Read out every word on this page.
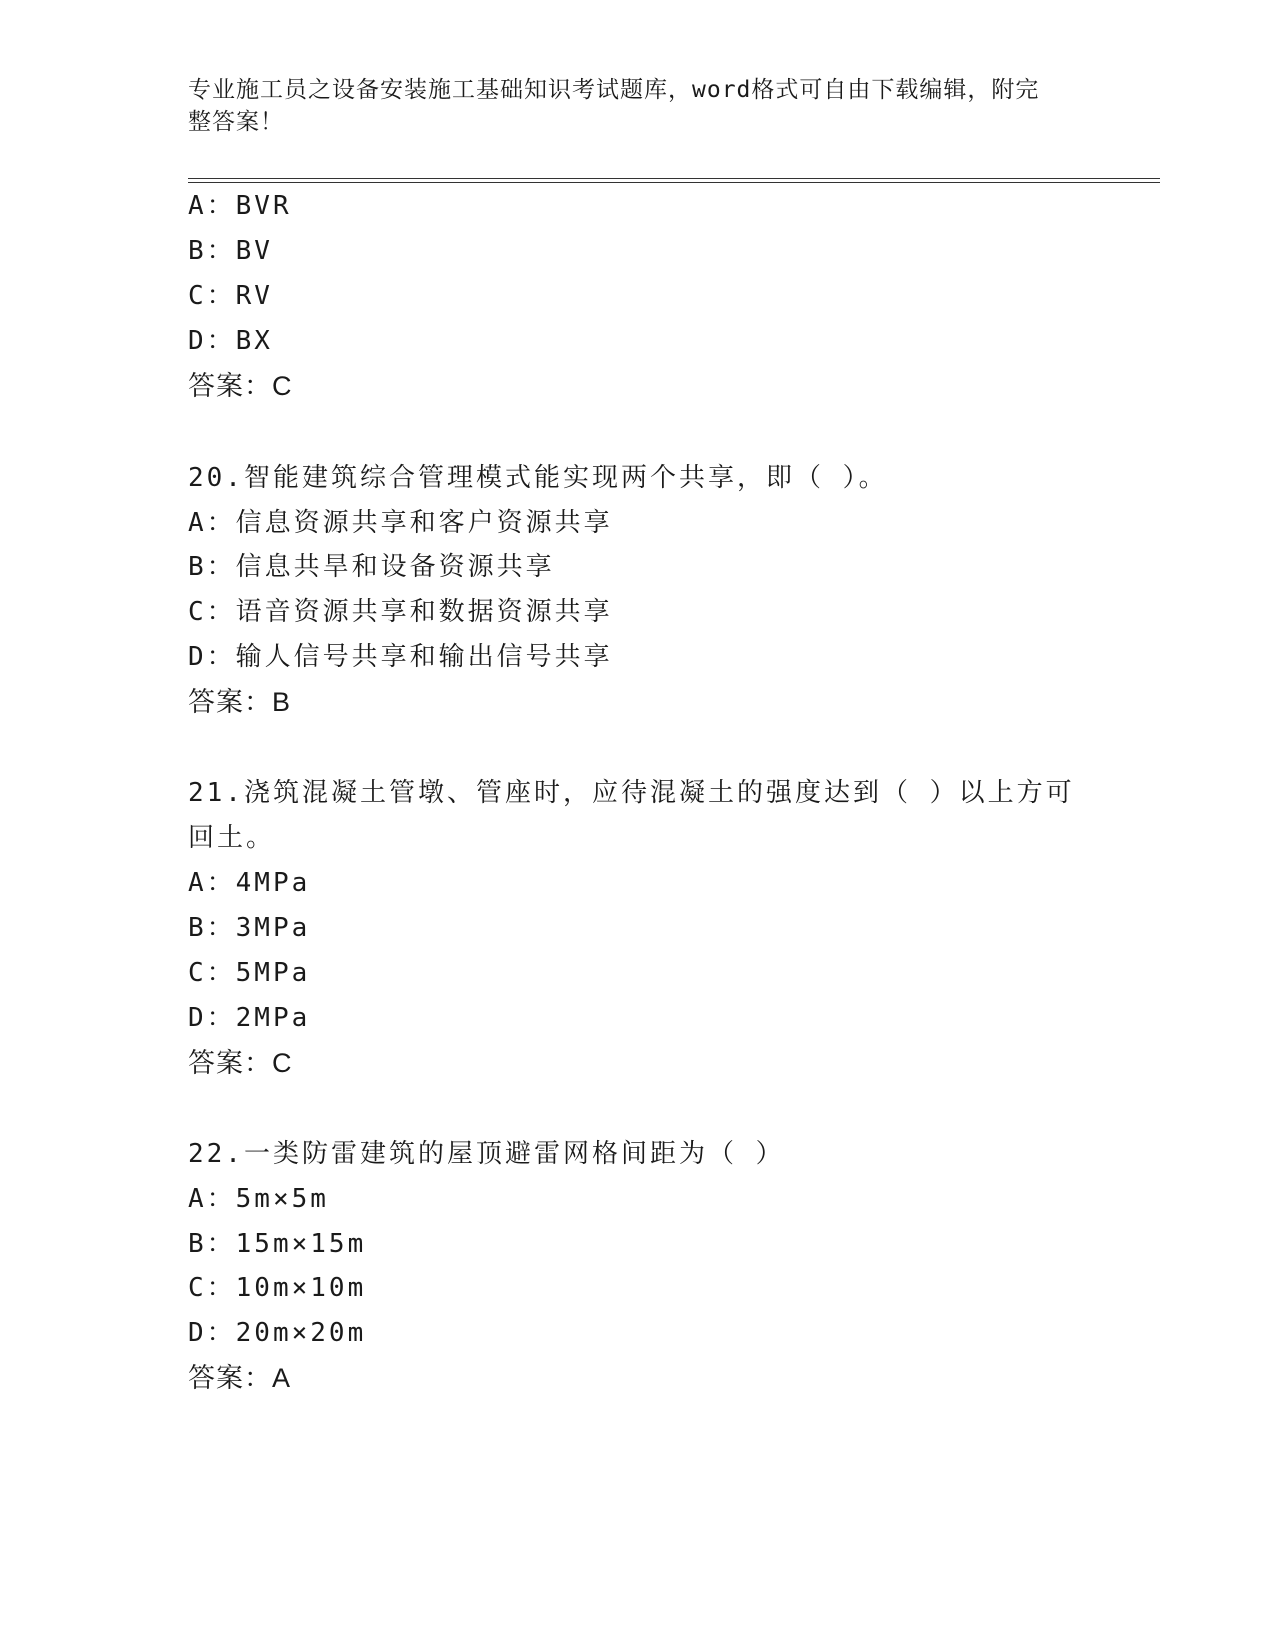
专业施工员之设备安装施工基础知识考试题库，word格式可自由下载编辑，附完
整答案！
A：BVR
B：BV
C：RV
D：BX
答案：C
20.智能建筑综合管理模式能实现两个共享，即（ ）。
A：信息资源共享和客户资源共享
B：信息共旱和设备资源共享
C：语音资源共享和数据资源共享
D：输人信号共享和输出信号共享
答案：B
21.浇筑混凝土管墩、管座时，应待混凝土的强度达到（ ）以上方可
回土。
A：4MPa
B：3MPa
C：5MPa
D：2MPa
答案：C
22.一类防雷建筑的屋顶避雷网格间距为（ ）
A：5m×5m
B：15m×15m
C：10m×10m
D：20m×20m
答案：A
